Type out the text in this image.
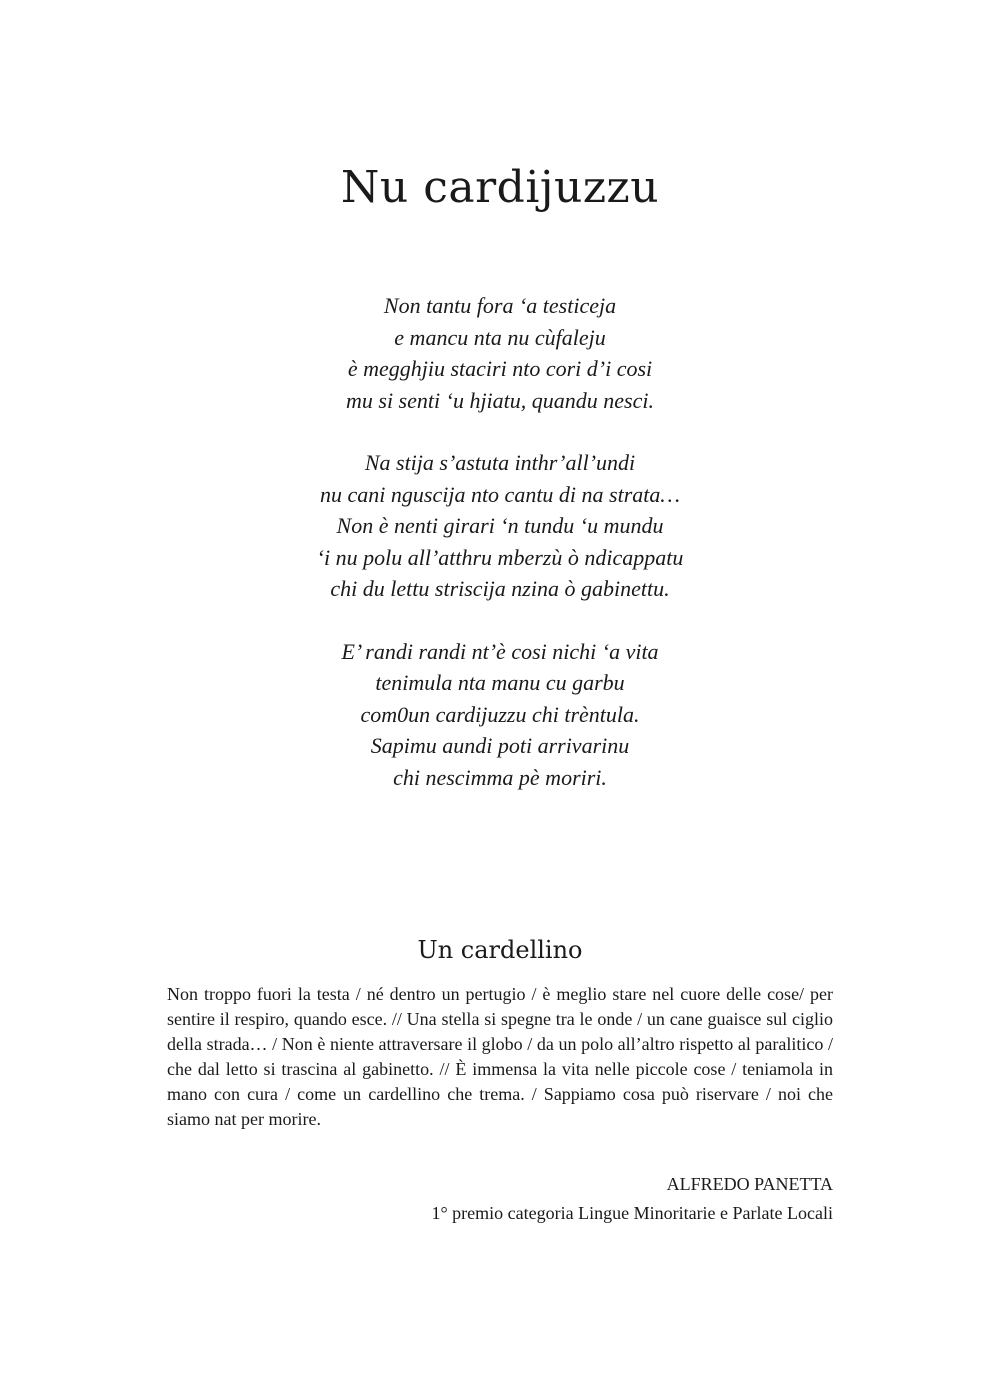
Nu cardijuzzu

Non tantu fora ‘a testiceja
e mancu nta nu cùfaleju
è megghjiu staciri nto cori d’i cosi
mu si senti ‘u hjiatu, quandu nesci.

Na stija s’astuta inthr’all’undi
nu cani nguscija nto cantu di na strata…
Non è nenti girari ‘n tundu ‘u mundu
‘i nu polu all’atthru mberzù ò ndicappatu
chi du lettu striscija nzina ò gabinettu.

E’ randi randi nt’è cosi nichi ‘a vita
tenimula nta manu cu garbu
com0un cardijuzzu chi trèntula.
Sapimu aundi poti arrivarinu
chi nescimma pè moriri.

Un cardellino

Non troppo fuori la testa / né dentro un pertugio / è meglio stare nel cuore delle cose/ per sentire il respiro, quando esce. // Una stella si spegne tra le onde / un cane guaisce sul ciglio della strada… / Non è niente attraversare il globo / da un polo all’altro rispetto al paralitico / che dal letto si trascina al gabinetto. // È immensa la vita nelle piccole cose / teniamola in mano con cura / come un cardellino che trema. / Sappiamo cosa può riservare / noi che siamo nat per morire.

ALFREDO PANETTA
1° premio categoria Lingue Minoritarie e Parlate Locali
